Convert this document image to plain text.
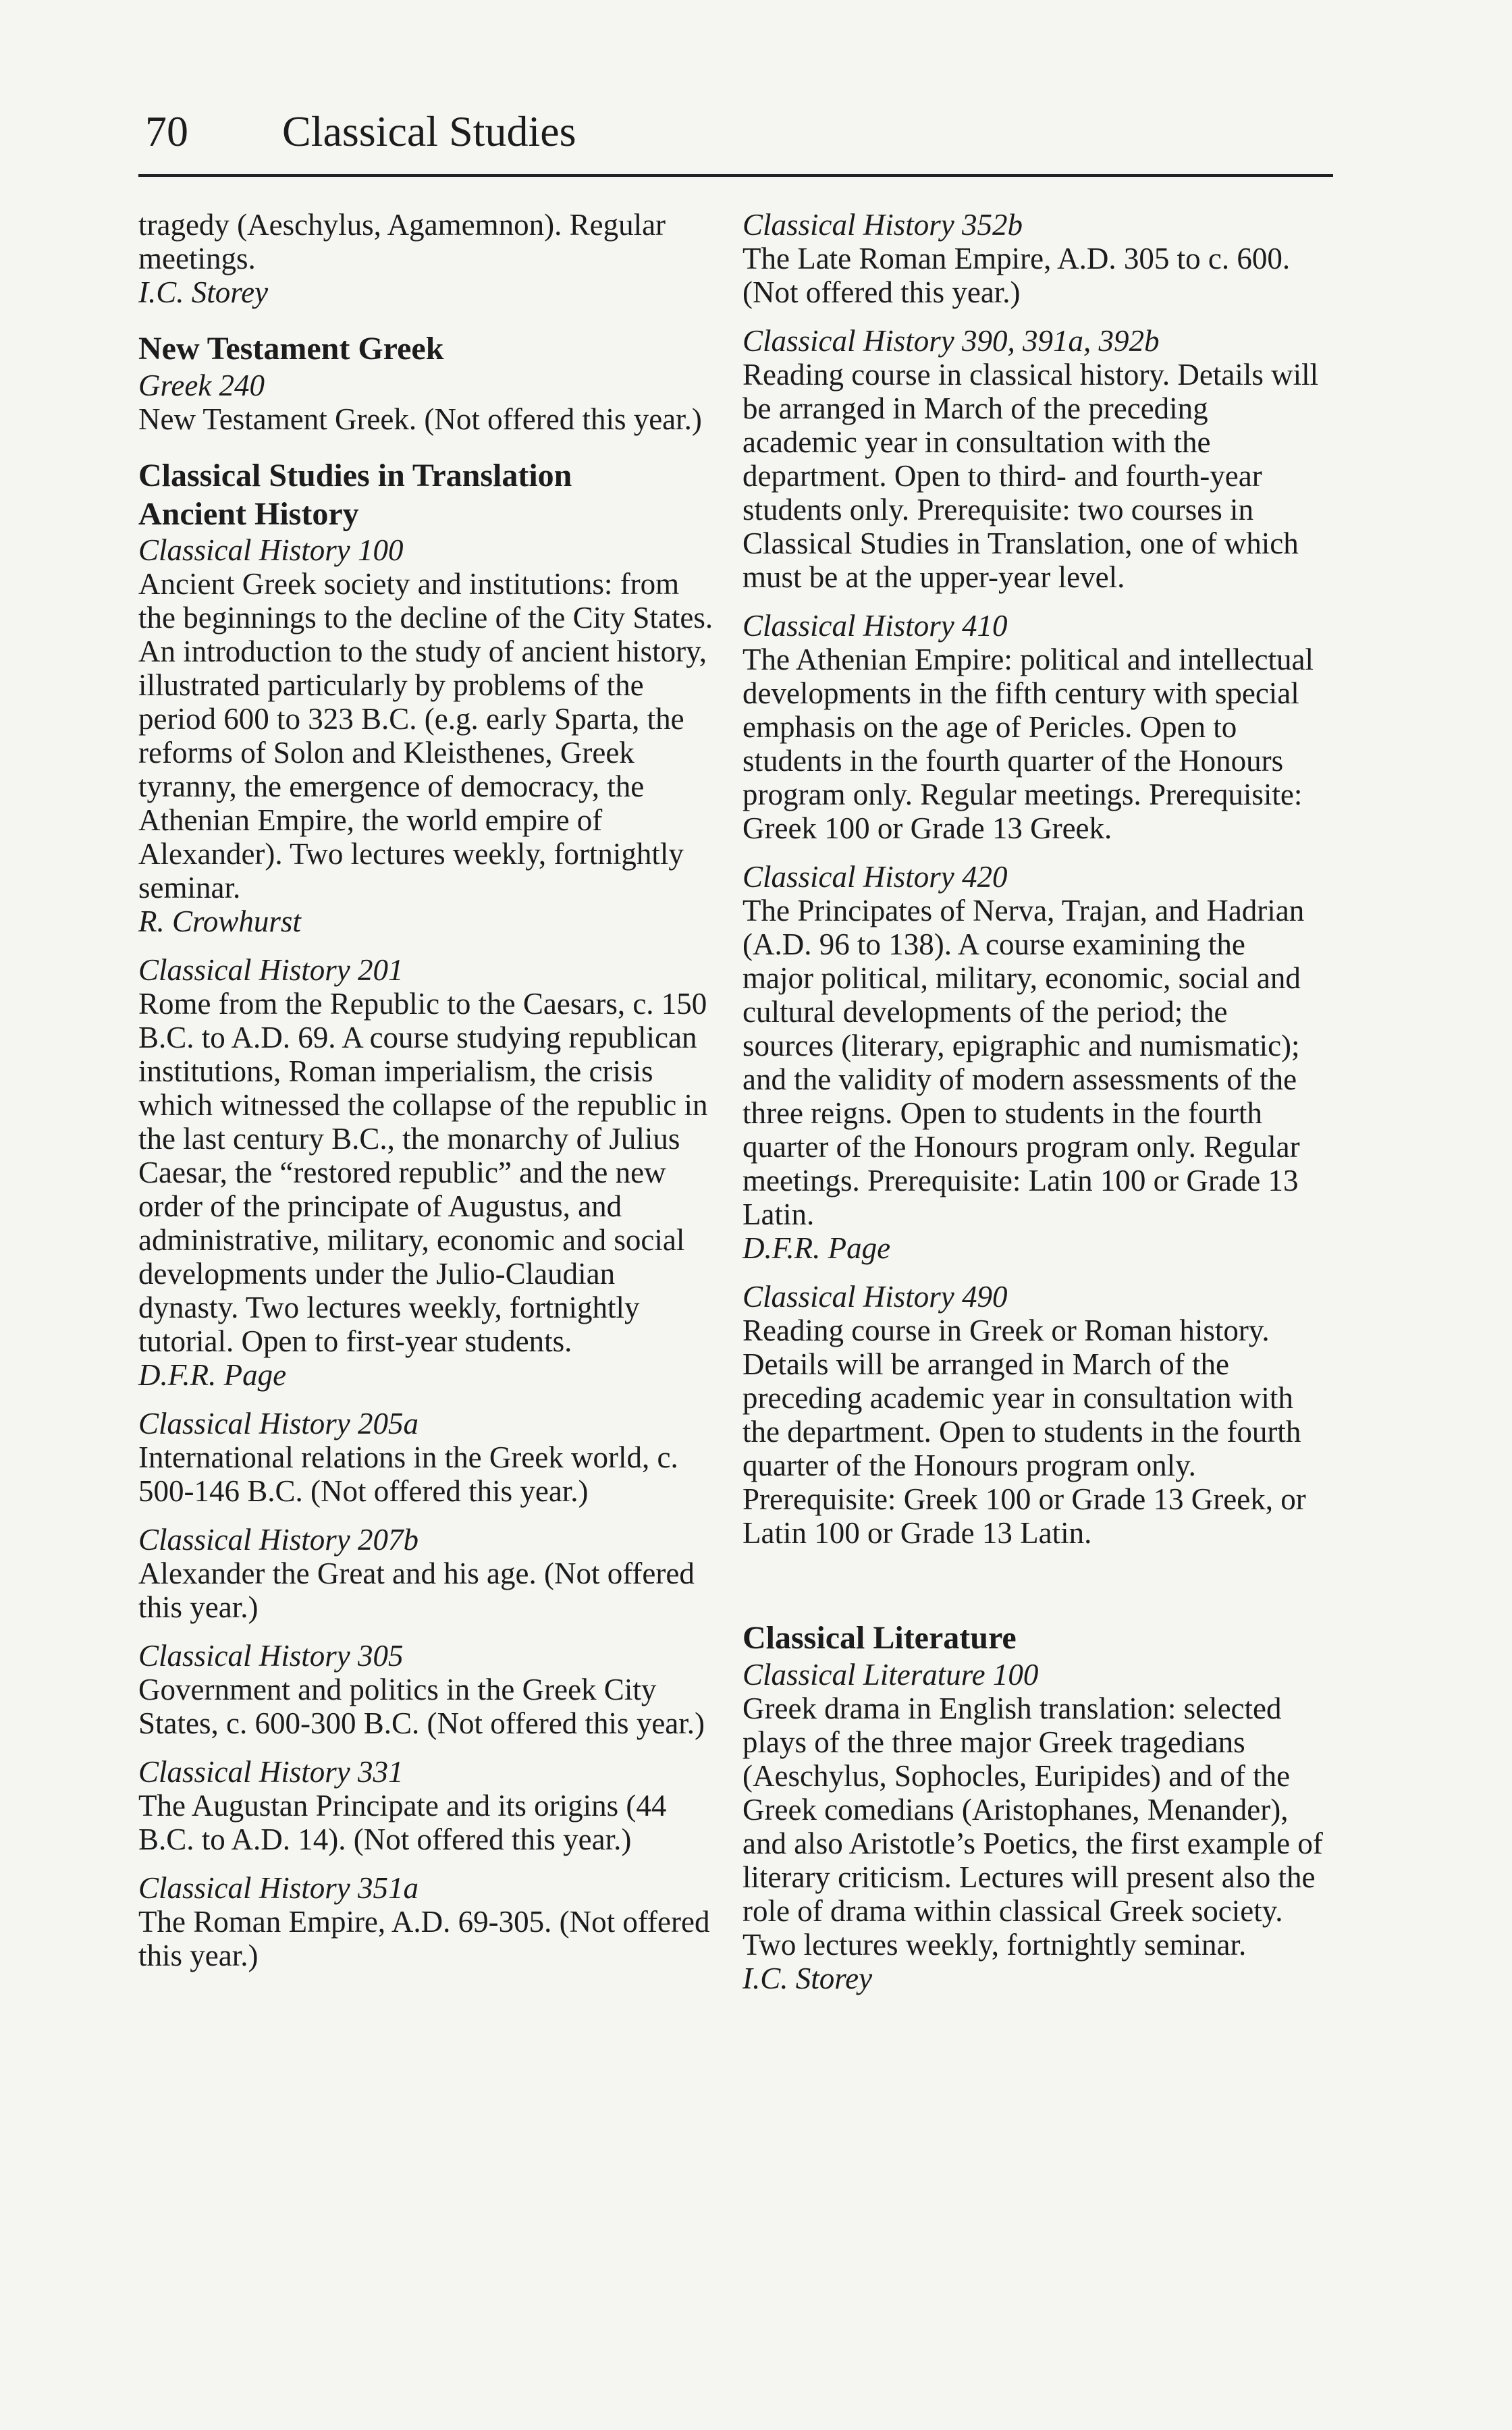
70 Classical Studies
tragedy (Aeschylus, Agamemnon). Regular meetings.
I.C. Storey
New Testament Greek
Greek 240
New Testament Greek. (Not offered this year.)
Classical Studies in Translation
Ancient History
Classical History 100
Ancient Greek society and institutions: from the beginnings to the decline of the City States. An introduction to the study of ancient history, illustrated particularly by problems of the period 600 to 323 B.C. (e.g. early Sparta, the reforms of Solon and Kleisthenes, Greek tyranny, the emergence of democracy, the Athenian Empire, the world empire of Alexander). Two lectures weekly, fortnightly seminar.
R. Crowhurst
Classical History 201
Rome from the Republic to the Caesars, c. 150 B.C. to A.D. 69. A course studying republican institutions, Roman imperialism, the crisis which witnessed the collapse of the republic in the last century B.C., the monarchy of Julius Caesar, the “restored republic” and the new order of the principate of Augustus, and administrative, military, economic and social developments under the Julio-Claudian dynasty. Two lectures weekly, fortnightly tutorial. Open to first-year students.
D.F.R. Page
Classical History 205a
International relations in the Greek world, c. 500-146 B.C. (Not offered this year.)
Classical History 207b
Alexander the Great and his age. (Not offered this year.)
Classical History 305
Government and politics in the Greek City States, c. 600-300 B.C. (Not offered this year.)
Classical History 331
The Augustan Principate and its origins (44 B.C. to A.D. 14). (Not offered this year.)
Classical History 351a
The Roman Empire, A.D. 69-305. (Not offered this year.)
Classical History 352b
The Late Roman Empire, A.D. 305 to c. 600. (Not offered this year.)
Classical History 390, 391a, 392b
Reading course in classical history. Details will be arranged in March of the preceding academic year in consultation with the department. Open to third- and fourth-year students only. Prerequisite: two courses in Classical Studies in Translation, one of which must be at the upper-year level.
Classical History 410
The Athenian Empire: political and intellectual developments in the fifth century with special emphasis on the age of Pericles. Open to students in the fourth quarter of the Honours program only. Regular meetings. Prerequisite: Greek 100 or Grade 13 Greek.
Classical History 420
The Principates of Nerva, Trajan, and Hadrian (A.D. 96 to 138). A course examining the major political, military, economic, social and cultural developments of the period; the sources (literary, epigraphic and numismatic); and the validity of modern assessments of the three reigns. Open to students in the fourth quarter of the Honours program only. Regular meetings. Prerequisite: Latin 100 or Grade 13 Latin.
D.F.R. Page
Classical History 490
Reading course in Greek or Roman history. Details will be arranged in March of the preceding academic year in consultation with the department. Open to students in the fourth quarter of the Honours program only. Prerequisite: Greek 100 or Grade 13 Greek, or Latin 100 or Grade 13 Latin.
Classical Literature
Classical Literature 100
Greek drama in English translation: selected plays of the three major Greek tragedians (Aeschylus, Sophocles, Euripides) and of the Greek comedians (Aristophanes, Menander), and also Aristotle’s Poetics, the first example of literary criticism. Lectures will present also the role of drama within classical Greek society. Two lectures weekly, fortnightly seminar.
I.C. Storey
